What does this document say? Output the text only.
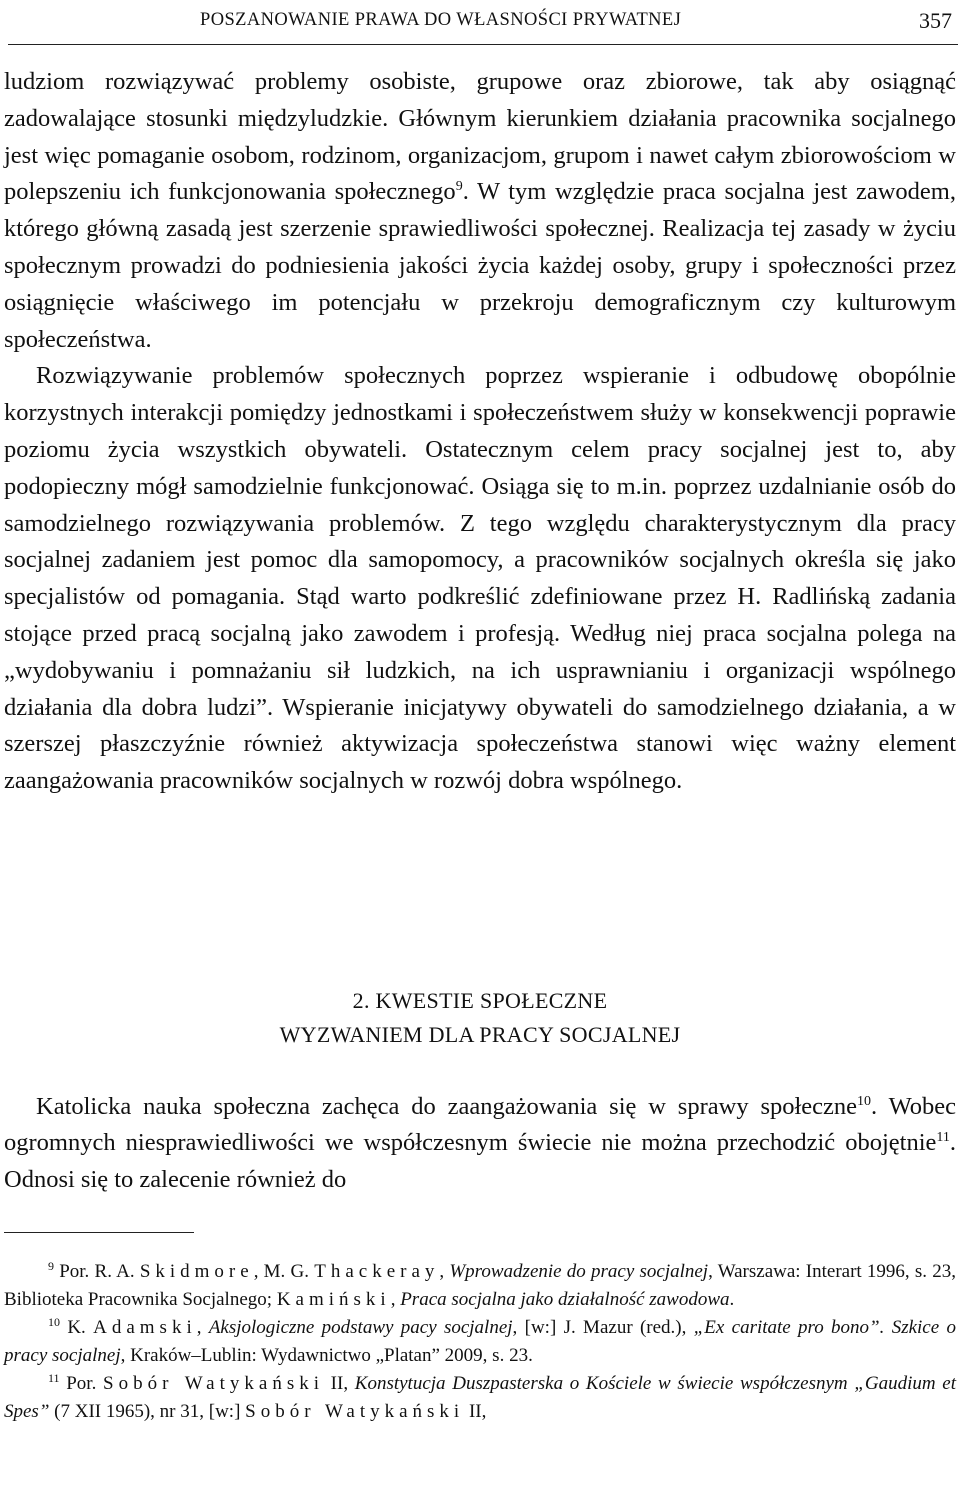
POSZANOWANIE PRAWA DO WŁASNOŚCI PRYWATNEJ	357

ludziom rozwiązywać problemy osobiste, grupowe oraz zbiorowe, tak aby osiągnąć zadowalające stosunki międzyludzkie. Głównym kierunkiem działania pracownika socjalnego jest więc pomaganie osobom, rodzinom, organizacjom, grupom i nawet całym zbiorowościom w polepszeniu ich funkcjonowania społecznego$^9$. W tym względzie praca socjalna jest zawodem, którego główną zasadą jest szerzenie sprawiedliwości społecznej. Realizacja tej zasady w życiu społecznym prowadzi do podniesienia jakości życia każdej osoby, grupy i społeczności przez osiągnięcie właściwego im potencjału w przekroju demograficznym czy kulturowym społeczeństwa.

Rozwiązywanie problemów społecznych poprzez wspieranie i odbudowę obopólnie korzystnych interakcji pomiędzy jednostkami i społeczeństwem służy w konsekwencji poprawie poziomu życia wszystkich obywateli. Ostatecznym celem pracy socjalnej jest to, aby podopieczny mógł samodzielnie funkcjonować. Osiąga się to m.in. poprzez uzdalnianie osób do samodzielnego rozwiązywania problemów. Z tego względu charakterystycznym dla pracy socjalnej zadaniem jest pomoc dla samopomocy, a pracowników socjalnych określa się jako specjalistów od pomagania. Stąd warto podkreślić zdefiniowane przez H. Radlińską zadania stojące przed pracą socjalną jako zawodem i profesją. Według niej praca socjalna polega na „wydobywaniu i pomnażaniu sił ludzkich, na ich usprawnianiu i organizacji wspólnego działania dla dobra ludzi”. Wspieranie inicjatywy obywateli do samodzielnego działania, a w szerszej płaszczyźnie również aktywizacja społeczeństwa stanowi więc ważny element zaangażowania pracowników socjalnych w rozwój dobra wspólnego.

2. KWESTIE SPOŁECZNE
WYZWANIEM DLA PRACY SOCJALNEJ

Katolicka nauka społeczna zachęca do zaangażowania się w sprawy społeczne$^{10}$. Wobec ogromnych niesprawiedliwości we współczesnym świecie nie można przechodzić obojętnie$^{11}$. Odnosi się to zalecenie również do

$^9$ Por. R. A. Skidmore, M. G. Thackeray, Wprowadzenie do pracy socjalnej, Warszawa: Interart 1996, s. 23, Biblioteka Pracownika Socjalnego; Kamiński, Praca socjalna jako działalność zawodowa.

$^{10}$ K. Adamski, Aksjologiczne podstawy pacy socjalnej, [w:] J. Mazur (red.), „Ex caritate pro bono”. Szkice o pracy socjalnej, Kraków–Lublin: Wydawnictwo „Platan” 2009, s. 23.

$^{11}$ Por. Sobór Watykański II, Konstytucja Duszpasterska o Kościele w świecie współczesnym „Gaudium et Spes” (7 XII 1965), nr 31, [w:] Sobór Watykański II,
